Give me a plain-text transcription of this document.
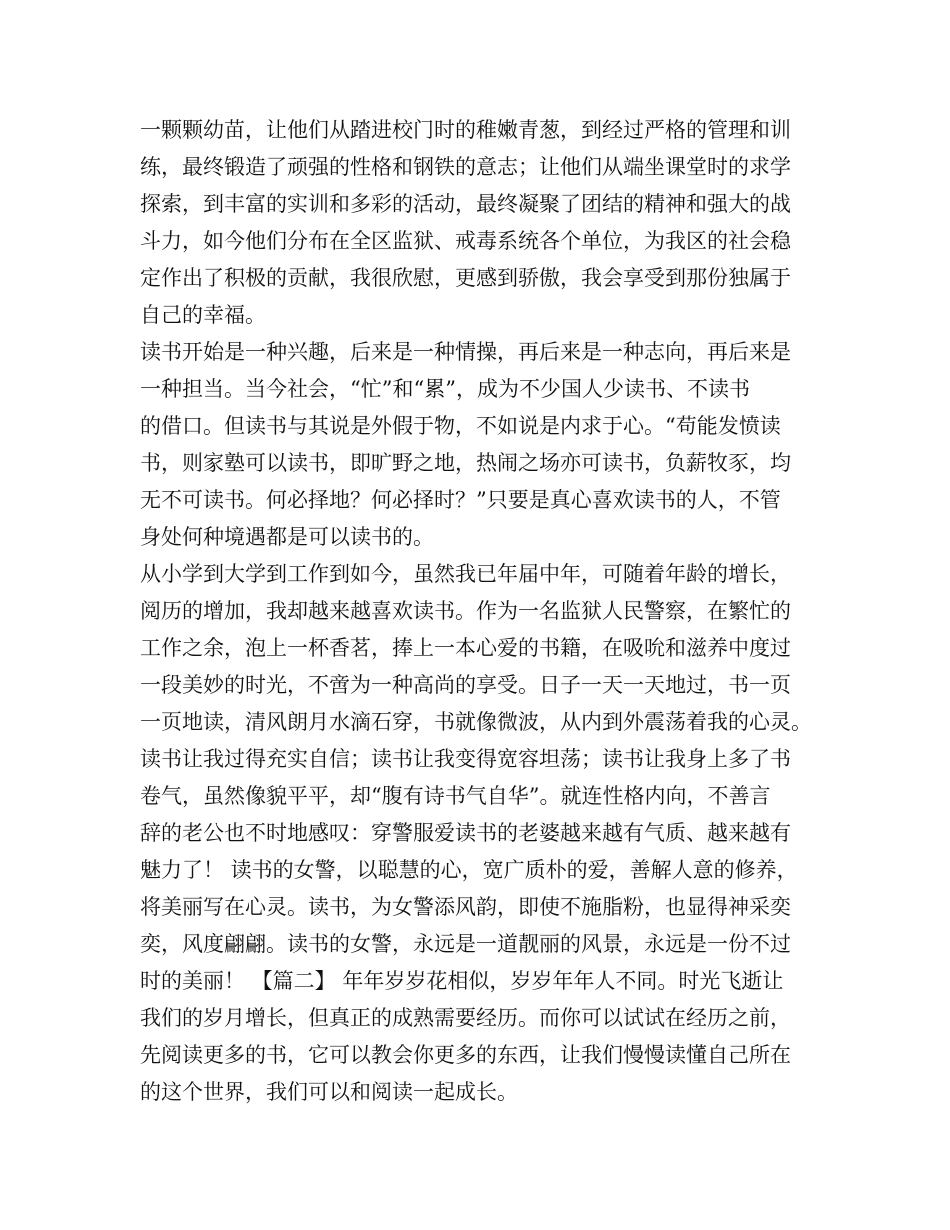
一颗颗幼苗，让他们从踏进校门时的稚嫩青葱，到经过严格的管理和训
练，最终锻造了顽强的性格和钢铁的意志；让他们从端坐课堂时的求学
探索，到丰富的实训和多彩的活动，最终凝聚了团结的精神和强大的战
斗力，如今他们分布在全区监狱、戒毒系统各个单位，为我区的社会稳
定作出了积极的贡献，我很欣慰，更感到骄傲，我会享受到那份独属于
自己的幸福。
读书开始是一种兴趣，后来是一种情操，再后来是一种志向，再后来是
一种担当。当今社会，“忙”和“累”，成为不少国人少读书、不读书
的借口。但读书与其说是外假于物，不如说是内求于心。“苟能发愤读
书，则家塾可以读书，即旷野之地，热闹之场亦可读书，负薪牧豕，均
无不可读书。何必择地？何必择时？”只要是真心喜欢读书的人，不管
身处何种境遇都是可以读书的。
从小学到大学到工作到如今，虽然我已年届中年，可随着年龄的增长，
阅历的增加，我却越来越喜欢读书。作为一名监狱人民警察，在繁忙的
工作之余，泡上一杯香茗，捧上一本心爱的书籍，在吸吮和滋养中度过
一段美妙的时光，不啻为一种高尚的享受。日子一天一天地过，书一页
一页地读，清风朗月水滴石穿，书就像微波，从内到外震荡着我的心灵。
读书让我过得充实自信；读书让我变得宽容坦荡；读书让我身上多了书
卷气，虽然像貌平平，却“腹有诗书气自华”。就连性格内向，不善言
辞的老公也不时地感叹：穿警服爱读书的老婆越来越有气质、越来越有
魅力了！ 读书的女警，以聪慧的心，宽广质朴的爱，善解人意的修养，
将美丽写在心灵。读书，为女警添风韵，即使不施脂粉，也显得神采奕
奕，风度翩翩。读书的女警，永远是一道靓丽的风景，永远是一份不过
时的美丽！ 【篇二】 年年岁岁花相似，岁岁年年人不同。时光飞逝让
我们的岁月增长，但真正的成熟需要经历。而你可以试试在经历之前，
先阅读更多的书，它可以教会你更多的东西，让我们慢慢读懂自己所在
的这个世界，我们可以和阅读一起成长。
